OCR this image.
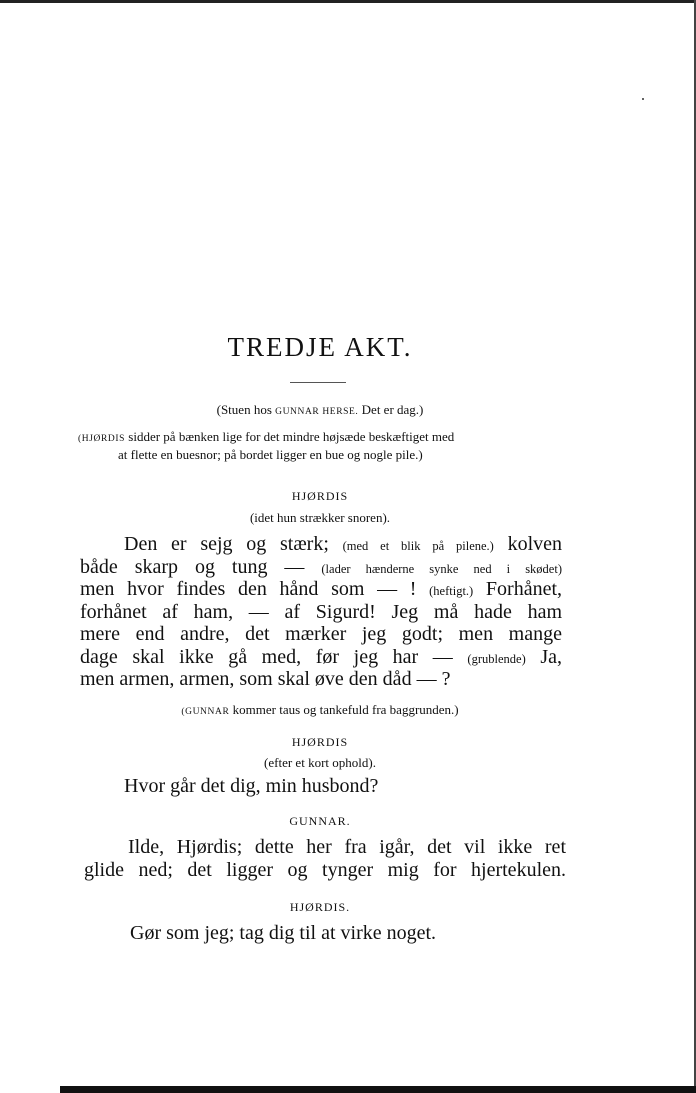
TREDJE AKT.
(Stuen hos GUNNAR HERSE. Det er dag.)
(HJØRDIS sidder på bænken lige for det mindre højsæde beskæftiget med
at flette en buesnor; på bordet ligger en bue og nogle pile.)
HJØRDIS
(idet hun strækker snoren).
Den er sejg og stærk; (med et blik på pilene.) kolven
både skarp og tung — (lader hænderne synke ned i skødet)
men hvor findes den hånd som — ! (heftigt.) Forhånet,
forhånet af ham, — af Sigurd! Jeg må hade ham
mere end andre, det mærker jeg godt; men mange
dage skal ikke gå med, før jeg har — (grublende) Ja,
men armen, armen, som skal øve den dåd — ?
(GUNNAR kommer taus og tankefuld fra baggrunden.)
HJØRDIS
(efter et kort ophold).
Hvor går det dig, min husbond?
GUNNAR.
Ilde, Hjørdis; dette her fra igår, det vil ikke ret
glide ned; det ligger og tynger mig for hjertekulen.
HJØRDIS.
Gør som jeg; tag dig til at virke noget.
